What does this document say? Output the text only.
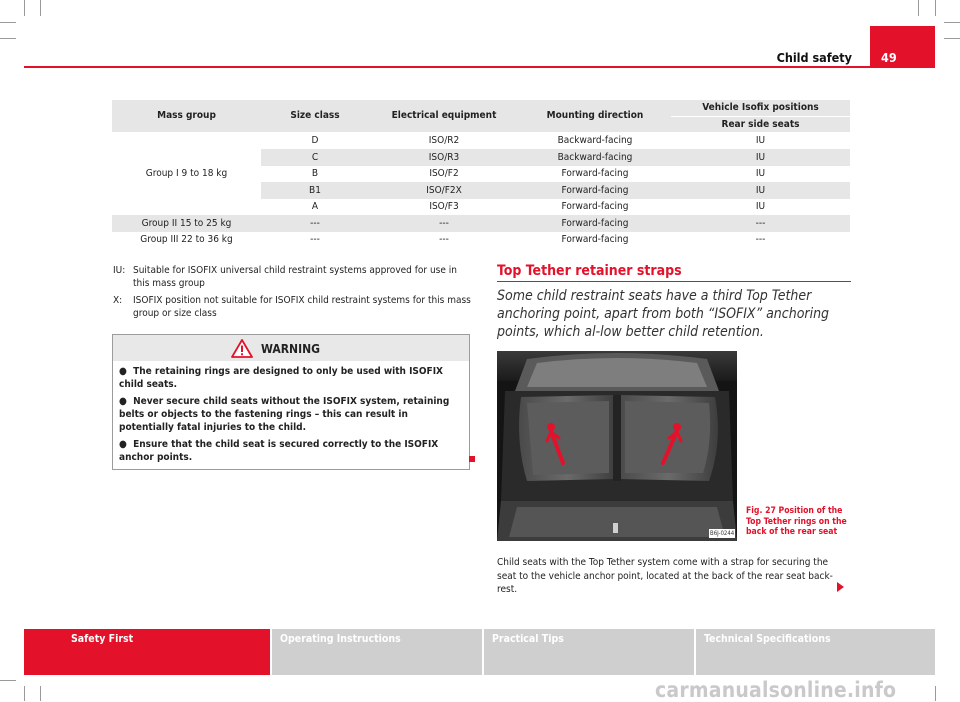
Child safety 49
Mass group	Size class	Electrical equipment	Mounting direction	Vehicle Isofix positions
				Rear side seats
Group I 9 to 18 kg	D	ISO/R2	Backward-facing	IU
	C	ISO/R3	Backward-facing	IU
	B	ISO/F2	Forward-facing	IU
	B1	ISO/F2X	Forward-facing	IU
	A	ISO/F3	Forward-facing	IU
Group II 15 to 25 kg	---	---	Forward-facing	---
Group III 22 to 36 kg	---	---	Forward-facing	---
IU: Suitable for ISOFIX universal child restraint systems approved for use in this mass group
X: ISOFIX position not suitable for ISOFIX child restraint systems for this mass group or size class
WARNING

●  The retaining rings are designed to only be used with ISOFIX child seats.

●  Never secure child seats without the ISOFIX system, retaining belts or objects to the fastening rings – this can result in potentially fatal injuries to the child.

●  Ensure that the child seat is secured correctly to the ISOFIX anchor points.

Top Tether retainer straps
Some child restraint seats have a third Top Tether anchoring point, apart from both “ISOFIX” anchoring points, which al-low better child retention.
B6J-0244
Fig. 27 Position of the Top Tether rings on the back of the rear seat
Child seats with the Top Tether system come with a strap for securing the seat to the vehicle anchor point, located at the back of the rear seat back-rest.
Safety First	Operating Instructions	Practical Tips	Technical Specifications
carmanualsonline.info
